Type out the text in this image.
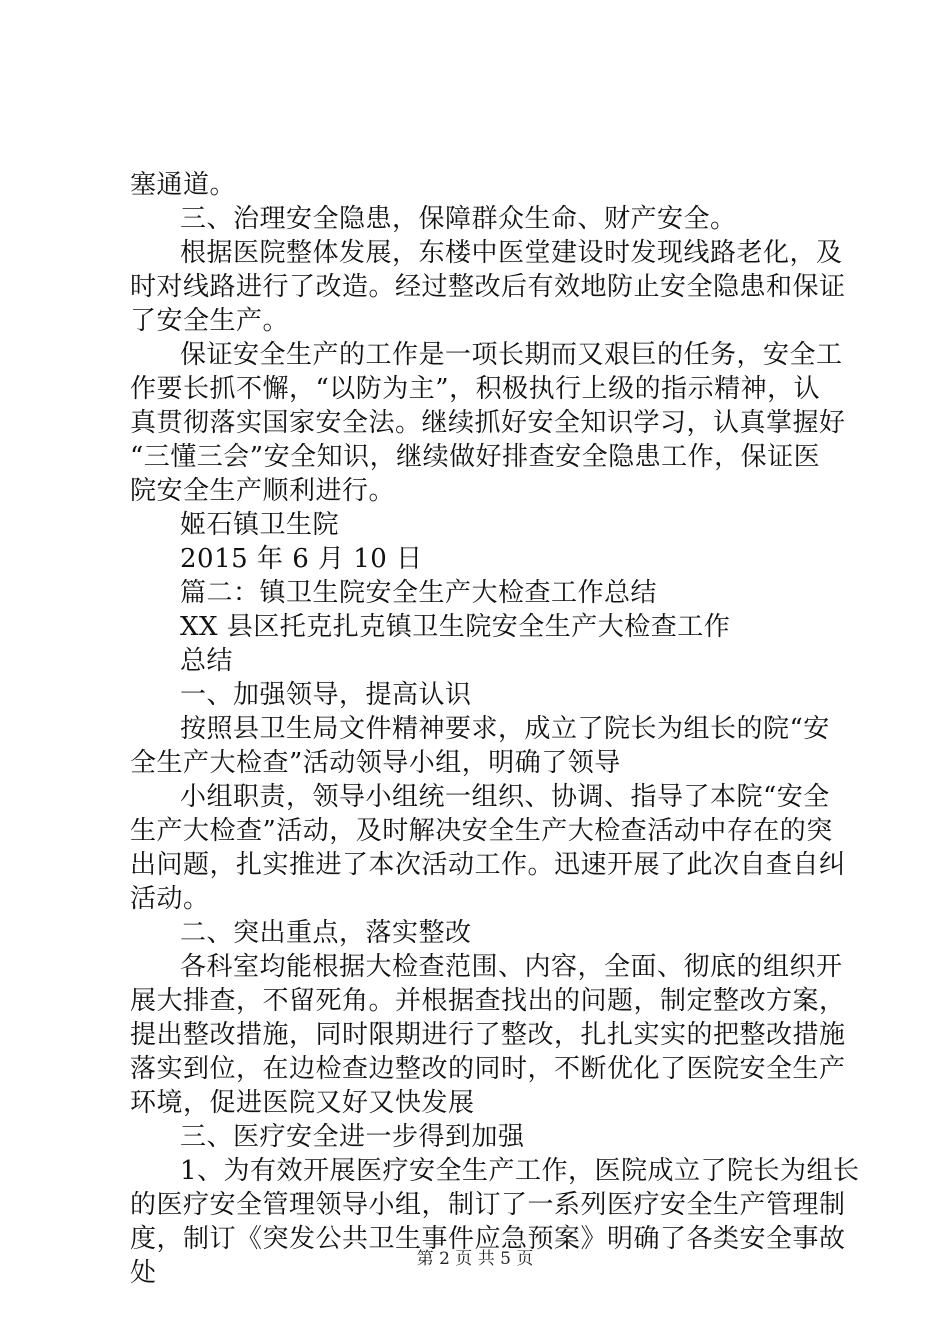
塞通道。
三、治理安全隐患，保障群众生命、财产安全。
根据医院整体发展，东楼中医堂建设时发现线路老化，及
时对线路进行了改造。经过整改后有效地防止安全隐患和保证
了安全生产。
保证安全生产的工作是一项长期而又艰巨的任务，安全工
作要长抓不懈，“以防为主”，积极执行上级的指示精神，认
真贯彻落实国家安全法。继续抓好安全知识学习，认真掌握好
“三懂三会”安全知识，继续做好排查安全隐患工作，保证医
院安全生产顺利进行。
姬石镇卫生院
2015 年 6 月 10 日
篇二：镇卫生院安全生产大检查工作总结
XX 县区托克扎克镇卫生院安全生产大检查工作
总结
一、加强领导，提高认识
按照县卫生局文件精神要求，成立了院长为组长的院“安
全生产大检查”活动领导小组，明确了领导
小组职责，领导小组统一组织、协调、指导了本院“安全
生产大检查”活动，及时解决安全生产大检查活动中存在的突
出问题，扎实推进了本次活动工作。迅速开展了此次自查自纠
活动。
二、突出重点，落实整改
各科室均能根据大检查范围、内容，全面、彻底的组织开
展大排查，不留死角。并根据查找出的问题，制定整改方案，
提出整改措施，同时限期进行了整改，扎扎实实的把整改措施
落实到位，在边检查边整改的同时，不断优化了医院安全生产
环境，促进医院又好又快发展
三、医疗安全进一步得到加强
1、为有效开展医疗安全生产工作，医院成立了院长为组长
的医疗安全管理领导小组，制订了一系列医疗安全生产管理制
度，制订《突发公共卫生事件应急预案》明确了各类安全事故
处	第 2 页 共 5 页
